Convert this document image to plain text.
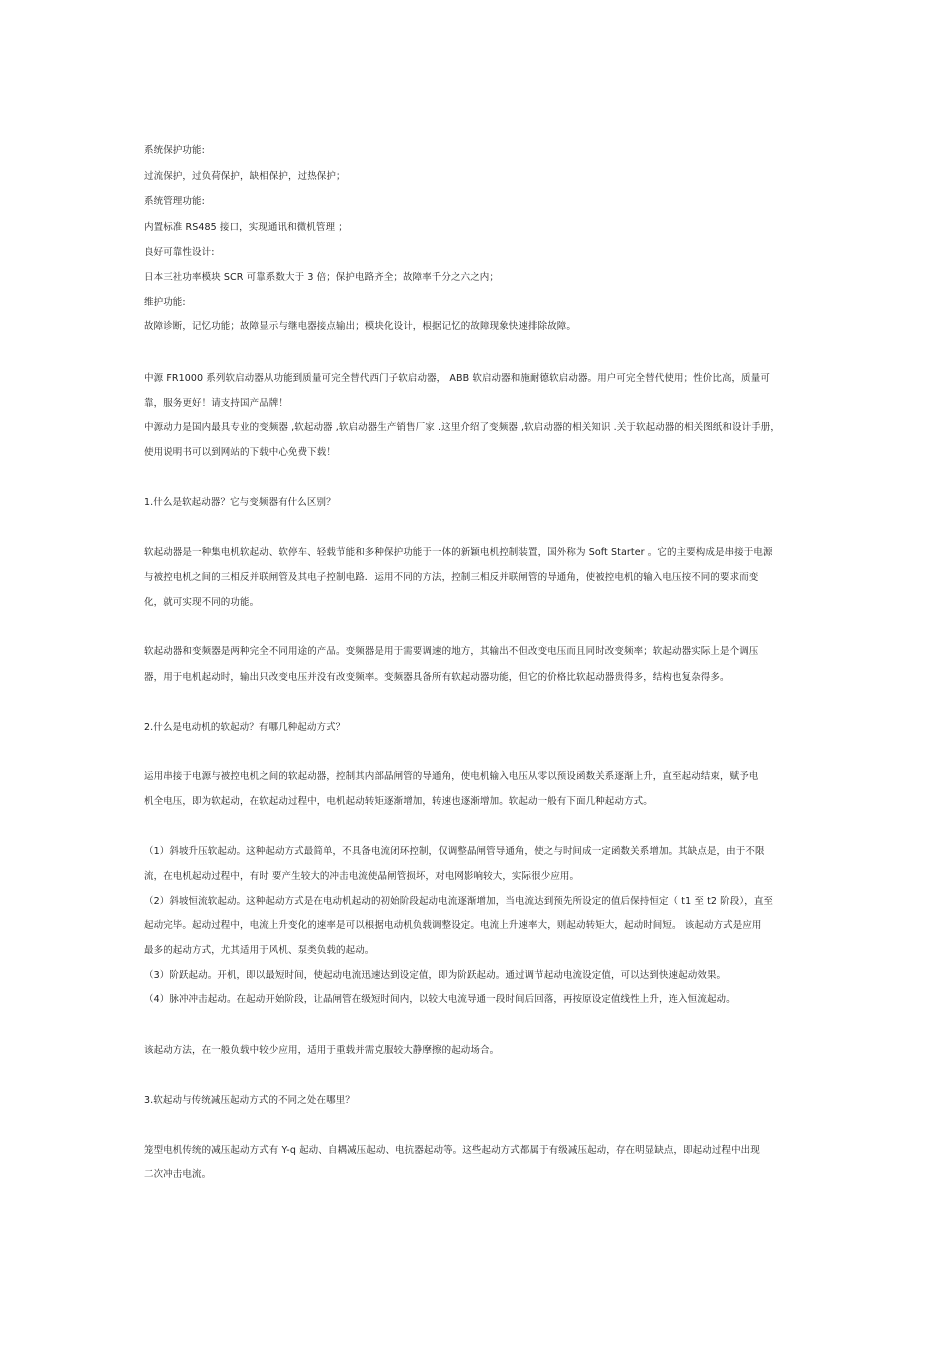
系统保护功能:
过流保护，过负荷保护，缺相保护，过热保护；
系统管理功能:
内置标准 RS485 接口，实现通讯和微机管理 ；
良好可靠性设计:
日本三社功率模块 SCR 可靠系数大于 3 倍；保护电路齐全；故障率千分之六之内；
维护功能:
故障诊断，记忆功能；故障显示与继电器接点输出；模块化设计，根据记忆的故障现象快速排除故障。
中源 FR1000 系列软启动器从功能到质量可完全替代西门子软启动器， ABB 软启动器和施耐德软启动器。用户可完全替代使用；性价比高，质量可
靠，服务更好！请支持国产品牌！
中源动力是国内最具专业的变频器 ,软起动器 ,软启动器生产销售厂家 .这里介绍了变频器 ,软启动器的相关知识 .关于软起动器的相关图纸和设计手册，
使用说明书可以到网站的下载中心免费下载！
1.什么是软起动器？它与变频器有什么区别？
软起动器是一种集电机软起动、软停车、轻载节能和多种保护功能于一体的新颖电机控制装置，国外称为 Soft Starter 。它的主要构成是串接于电源
与被控电机之间的三相反并联闸管及其电子控制电路．运用不同的方法，控制三相反并联闸管的导通角，使被控电机的输入电压按不同的要求而变
化，就可实现不同的功能。
软起动器和变频器是两种完全不同用途的产品。变频器是用于需要调速的地方，其输出不但改变电压而且同时改变频率；软起动器实际上是个调压
器，用于电机起动时，输出只改变电压并没有改变频率。变频器具备所有软起动器功能，但它的价格比软起动器贵得多，结构也复杂得多。
2.什么是电动机的软起动？有哪几种起动方式？
运用串接于电源与被控电机之间的软起动器，控制其内部晶闸管的导通角，使电机输入电压从零以预设函数关系逐渐上升，直至起动结束，赋予电
机全电压，即为软起动，在软起动过程中，电机起动转矩逐渐增加，转速也逐渐增加。软起动一般有下面几种起动方式。
（1）斜坡升压软起动。这种起动方式最简单，不具备电流闭环控制，仅调整晶闸管导通角，使之与时间成一定函数关系增加。其缺点是，由于不限
流，在电机起动过程中，有时 要产生较大的冲击电流使晶闸管损坏，对电网影响较大，实际很少应用。
（2）斜坡恒流软起动。这种起动方式是在电动机起动的初始阶段起动电流逐渐增加，当电流达到预先所设定的值后保持恒定（ t1 至 t2 阶段），直至
起动完毕。起动过程中，电流上升变化的速率是可以根据电动机负载调整设定。电流上升速率大，则起动转矩大，起动时间短。 该起动方式是应用
最多的起动方式，尤其适用于风机、泵类负载的起动。
（3）阶跃起动。开机，即以最短时间，使起动电流迅速达到设定值，即为阶跃起动。通过调节起动电流设定值，可以达到快速起动效果。
（4）脉冲冲击起动。在起动开始阶段，让晶闸管在级短时间内，以较大电流导通一段时间后回落，再按原设定值线性上升，连入恒流起动。
该起动方法，在一般负载中较少应用，适用于重载并需克服较大静摩擦的起动场合。
3.软起动与传统减压起动方式的不同之处在哪里？
笼型电机传统的减压起动方式有 Y-q 起动、自耦减压起动、电抗器起动等。这些起动方式都属于有级减压起动，存在明显缺点，即起动过程中出现
二次冲击电流。
